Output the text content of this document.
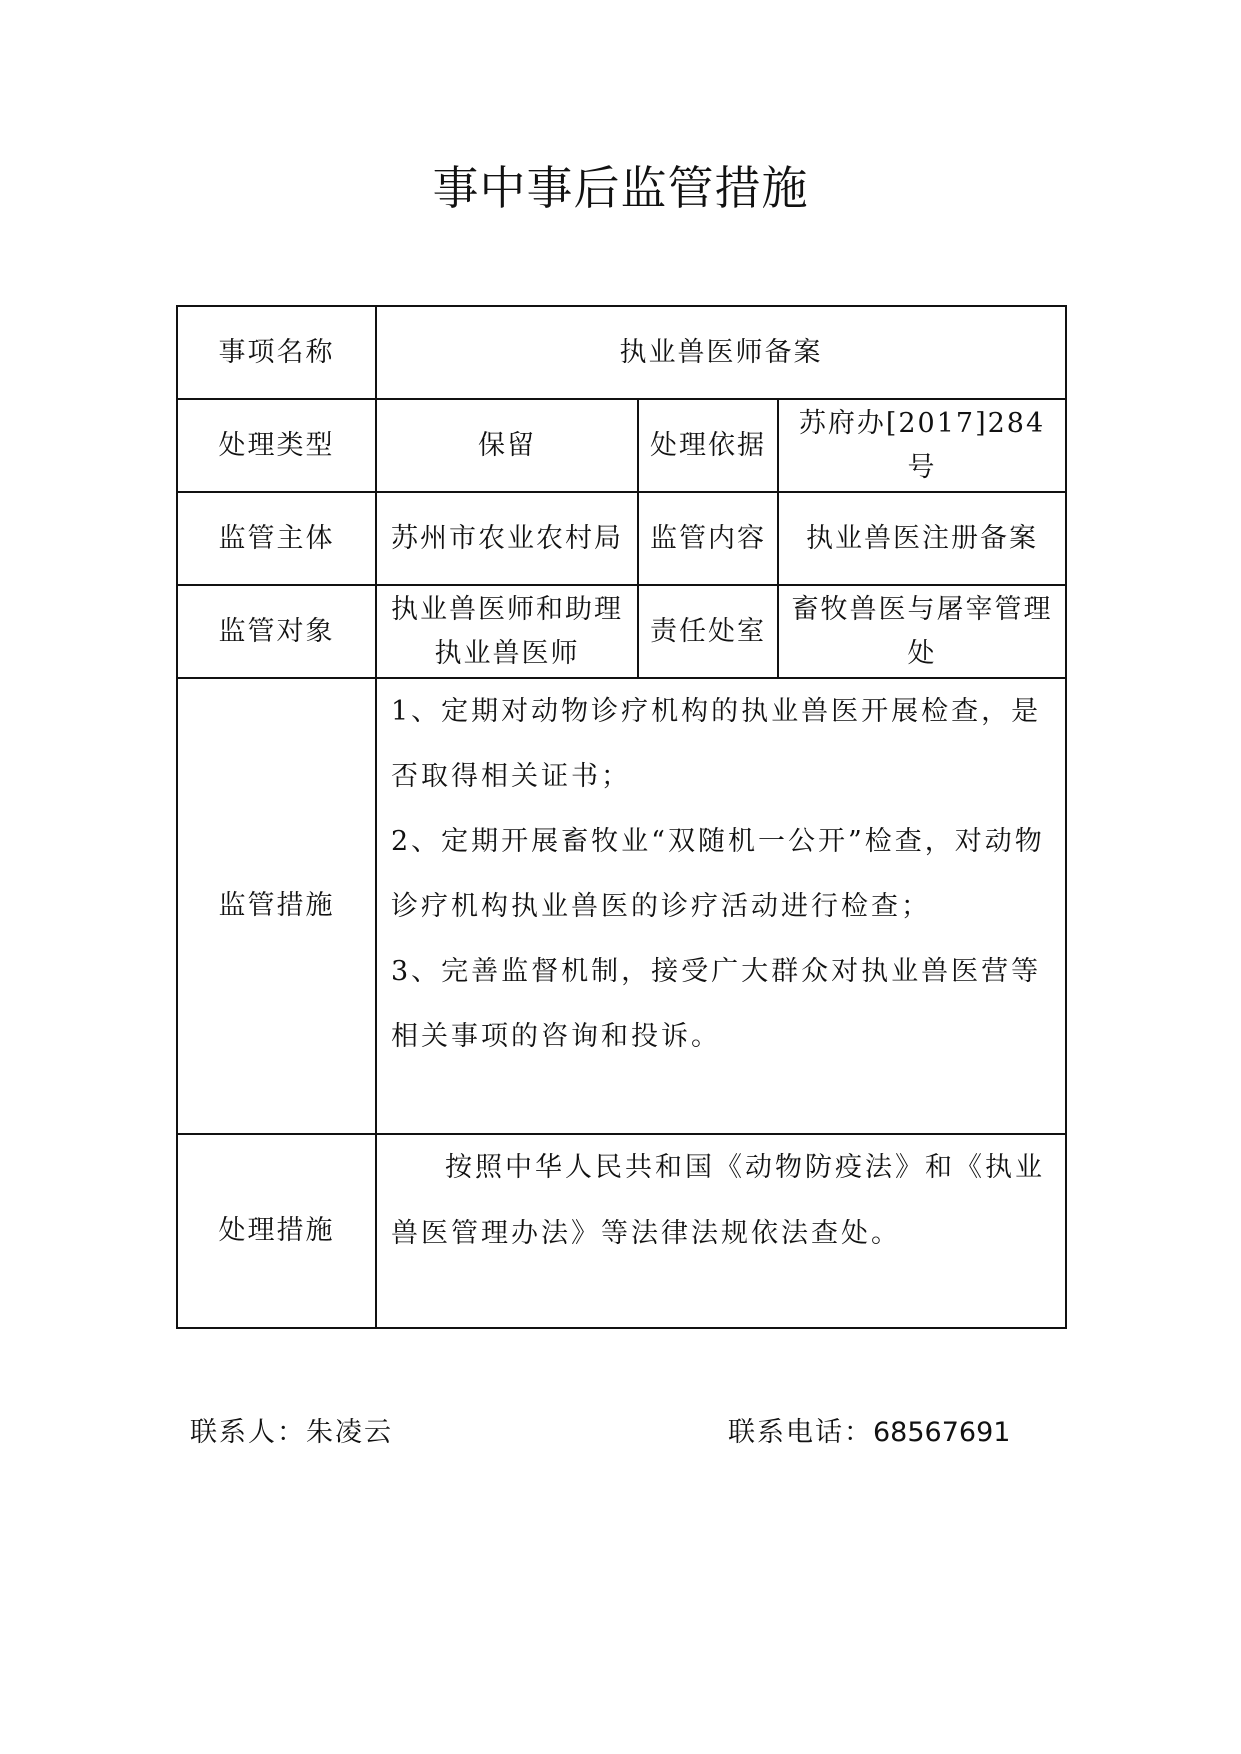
事中事后监管措施
事项名称	执业兽医师备案		
处理类型	保留	处理依据	苏府办[2017]284号
监管主体	苏州市农业农村局	监管内容	执业兽医注册备案
监管对象	执业兽医师和助理执业兽医师	责任处室	畜牧兽医与屠宰管理处
监管措施	1、定期对动物诊疗机构的执业兽医开展检查，是否取得相关证书；

2、定期开展畜牧业“双随机一公开”检查，对动物诊疗机构执业兽医的诊疗活动进行检查；

3、完善监督机制，接受广大群众对执业兽医营等相关事项的咨询和投诉。		

处理措施	按照中华人民共和国《动物防疫法》和《执业兽医管理办法》等法律法规依法查处。		

联系人：朱凌云	联系电话：68567691
